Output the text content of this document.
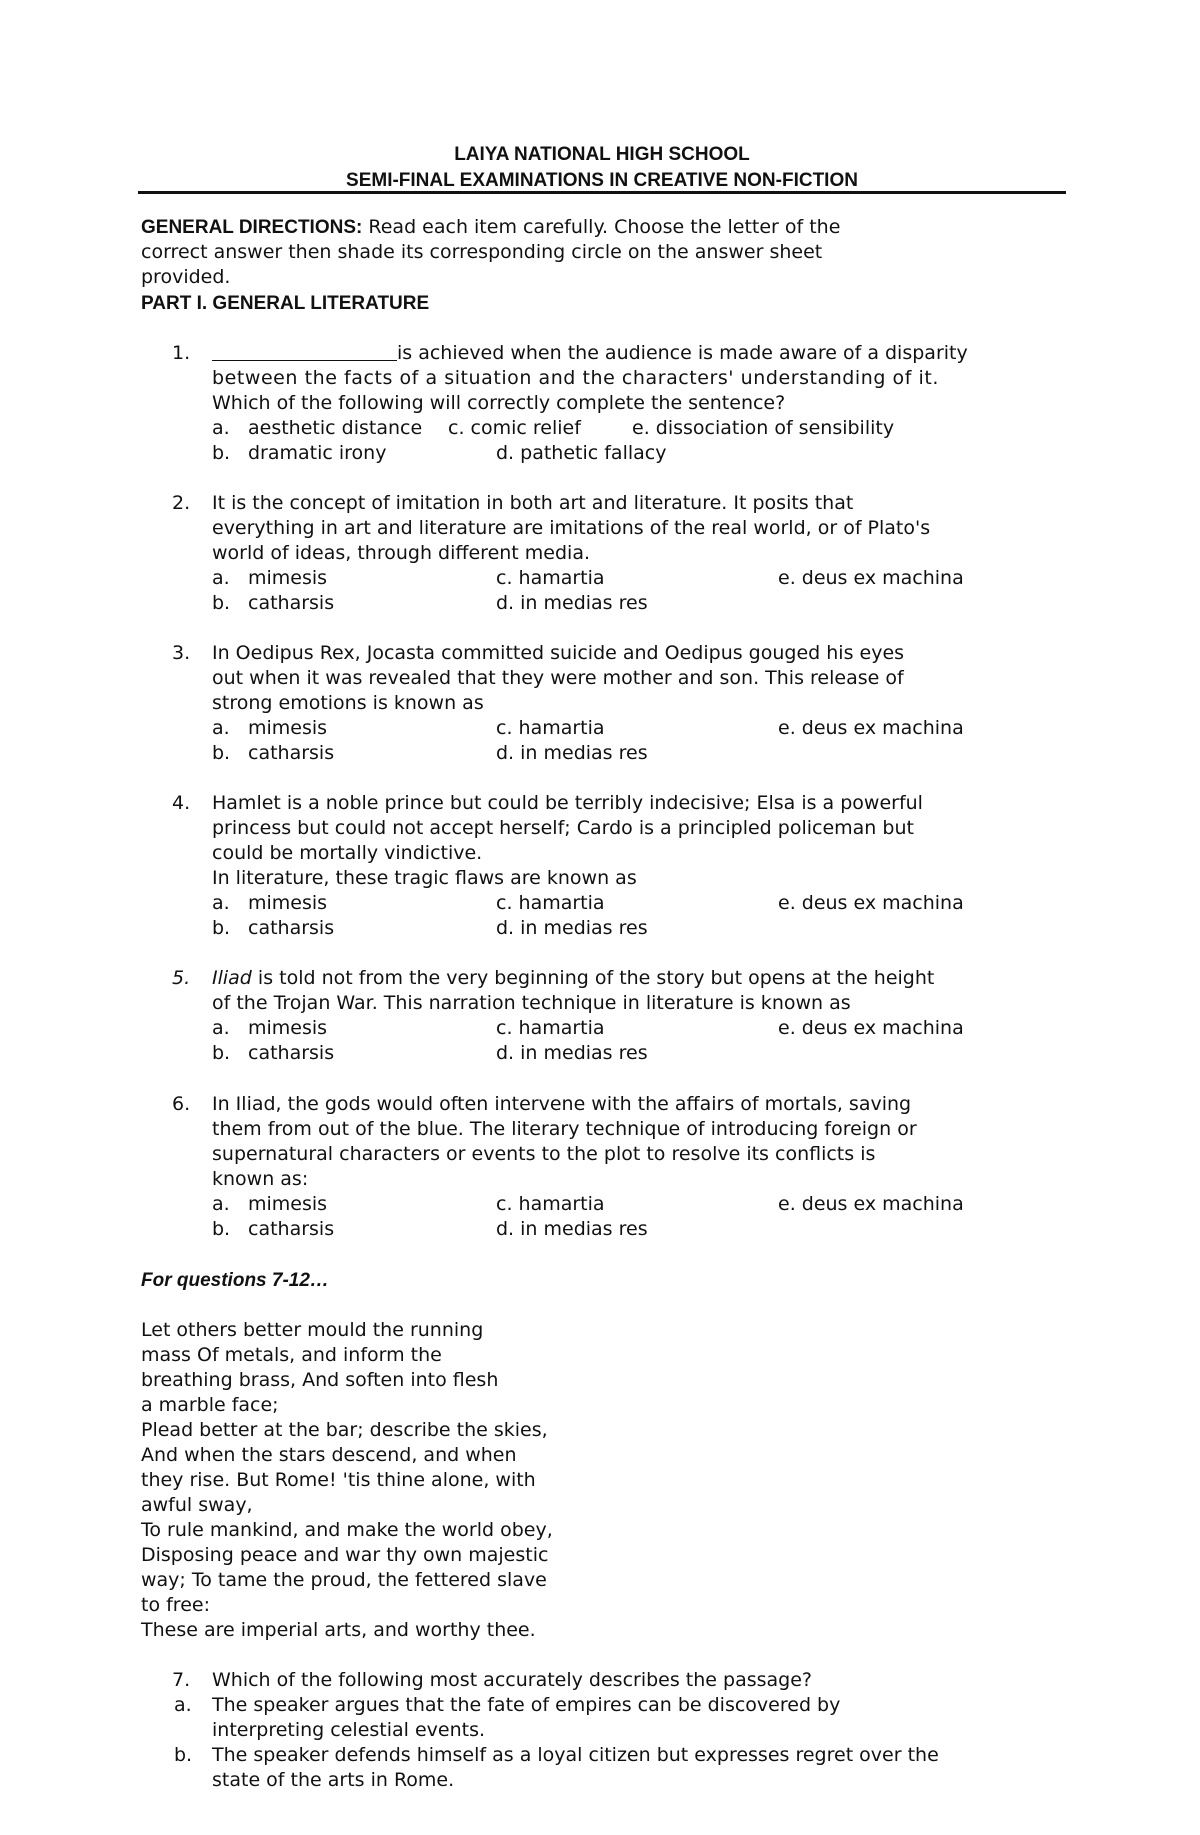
LAIYA NATIONAL HIGH SCHOOL
SEMI-FINAL EXAMINATIONS IN CREATIVE NON-FICTION
GENERAL DIRECTIONS: Read each item carefully. Choose the letter of the
correct answer then shade its corresponding circle on the answer sheet
provided.
PART I. GENERAL LITERATURE
1.	is achieved when the audience is made aware of a disparity
between the facts of a situation and the characters' understanding of it.
Which of the following will correctly complete the sentence?
a. aesthetic distance c. comic relief	e. dissociation of sensibility
b. dramatic irony	d. pathetic fallacy
2.	It is the concept of imitation in both art and literature. It posits that
everything in art and literature are imitations of the real world, or of Plato's
world of ideas, through different media.
a. mimesis	c. hamartia	e. deus ex machina
b. catharsis	d. in medias res
3.	In Oedipus Rex, Jocasta committed suicide and Oedipus gouged his eyes
out when it was revealed that they were mother and son. This release of
strong emotions is known as
a. mimesis	c. hamartia	e. deus ex machina
b. catharsis	d. in medias res
4.	Hamlet is a noble prince but could be terribly indecisive; Elsa is a powerful
princess but could not accept herself; Cardo is a principled policeman but
could be mortally vindictive.
In literature, these tragic flaws are known as
a. mimesis	c. hamartia	e. deus ex machina
b. catharsis	d. in medias res
5.	Iliad is told not from the very beginning of the story but opens at the height
of the Trojan War. This narration technique in literature is known as
a. mimesis	c. hamartia	e. deus ex machina
b. catharsis	d. in medias res
6.	In Iliad, the gods would often intervene with the affairs of mortals, saving
them from out of the blue. The literary technique of introducing foreign or
supernatural characters or events to the plot to resolve its conflicts is
known as:
a. mimesis	c. hamartia	e. deus ex machina
b. catharsis	d. in medias res
For questions 7-12…
Let others better mould the running
mass Of metals, and inform the
breathing brass, And soften into flesh
a marble face;
Plead better at the bar; describe the skies,
And when the stars descend, and when
they rise. But Rome! 'tis thine alone, with
awful sway,
To rule mankind, and make the world obey,
Disposing peace and war thy own majestic
way; To tame the proud, the fettered slave
to free:
These are imperial arts, and worthy thee.
7.	Which of the following most accurately describes the passage?
a. The speaker argues that the fate of empires can be discovered by
interpreting celestial events.
b. The speaker defends himself as a loyal citizen but expresses regret over the
state of the arts in Rome.
